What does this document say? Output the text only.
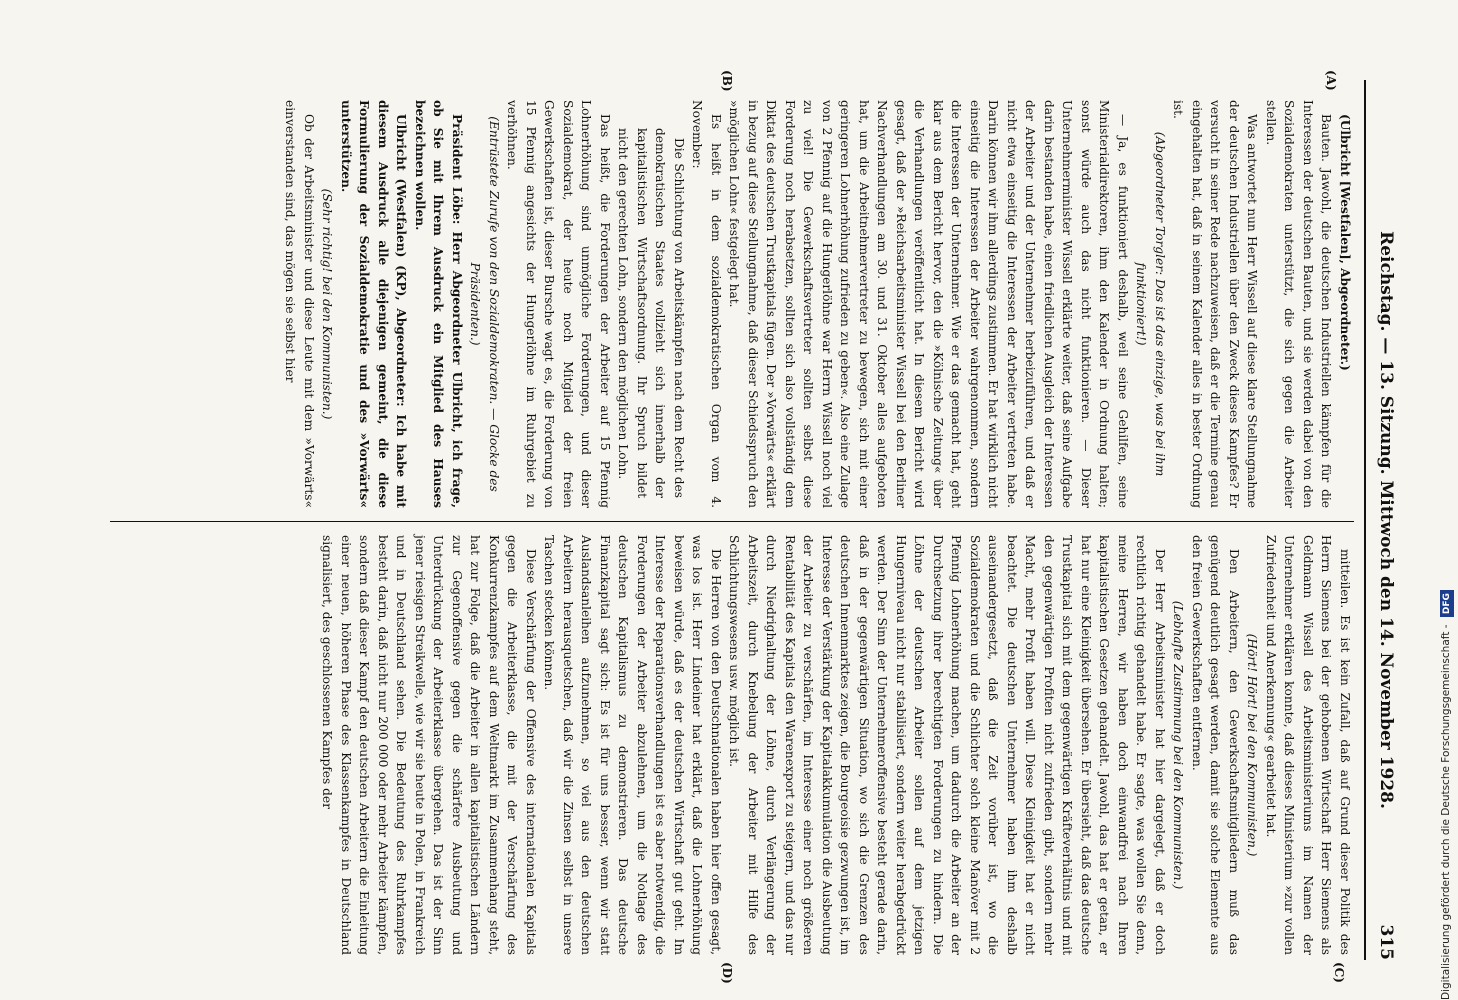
Reichstag. — 13. Sitzung. Mittwoch den 14. November 1928.
315
(A)
(B)
(C)
(D)

(Ulbricht [Westfalen], Abgeordneter.)

Bauten. Jawohl, die deutschen Industriellen kämpfen für die Interessen der deutschen Bauten, und sie werden dabei von den Sozialdemokraten unterstützt, die sich gegen die Arbeiter stellen.

Was antwortet nun Herr Wissell auf diese klare Stellungnahme der deutschen Industriellen über den Zweck dieses Kampfes? Er versucht in seiner Rede nachzuweisen, daß er die Termine genau eingehalten hat, daß in seinem Kalender alles in bester Ordnung ist.

(Abgeordneter Torgler: Das ist das einzige, was bei ihm funktioniert!)

— Ja, es funktioniert deshalb, weil seine Gehilfen, seine Ministerialdirektoren, ihm den Kalender in Ordnung halten; sonst würde auch das nicht funktionieren. — Dieser Unternehmerminister Wissell erklärte weiter, daß seine Aufgabe darin bestanden habe, einen friedlichen Ausgleich der Interessen der Arbeiter und der Unternehmer herbeizuführen, und daß er nicht etwa einseitig die Interessen der Arbeiter vertreten habe. Darin können wir ihm allerdings zustimmen. Er hat wirklich nicht einseitig die Interessen der Arbeiter wahrgenommen, sondern die Interessen der Unternehmer. Wie er das gemacht hat, geht klar aus dem Bericht hervor, den die »Kölnische Zeitung« über die Verhandlungen veröffentlicht hat. In diesem Bericht wird gesagt, daß der »Reichsarbeitsminister Wissell bei den Berliner Nachverhandlungen am 30. und 31. Oktober alles aufgeboten hat, um die Arbeitnehmervertreter zu bewegen, sich mit einer geringeren Lohnerhöhung zufrieden zu geben«. Also eine Zulage von 2 Pfennig auf die Hungerlöhne war Herrn Wissell noch viel zu viel! Die Gewerkschaftsvertreter sollten selbst diese Forderung noch herabsetzen, sollten sich also vollständig dem Diktat des deutschen Trustkapitals fügen. Der »Vorwärts« erklärt in bezug auf diese Stellungnahme, daß dieser Schiedsspruch den »möglichen Lohn« festgelegt hat.

Es heißt in dem sozialdemokratischen Organ vom 4. November:

Die Schlichtung von Arbeitskämpfen nach dem Recht des demokratischen Staates vollzieht sich innerhalb der kapitalistischen Wirtschaftsordnung. Ihr Spruch bildet nicht den gerechten Lohn, sondern den möglichen Lohn.

Das heißt, die Forderungen der Arbeiter auf 15 Pfennig Lohnerhöhung sind unmögliche Forderungen, und dieser Sozialdemokrat, der heute noch Mitglied der freien Gewerkschaften ist, dieser Bursche wagt es, die Forderung von 15 Pfennig angesichts der Hungerlöhne im Ruhrgebiet zu verhöhnen.

(Entrüstete Zurufe von den Sozialdemokraten. — Glocke des Präsidenten.)

Präsident Löbe: Herr Abgeordneter Ulbricht, ich frage, ob Sie mit Ihrem Ausdruck ein Mitglied des Hauses bezeichnen wollen.

Ulbricht (Westfalen) (KP), Abgeordneter: Ich habe mit diesem Ausdruck alle diejenigen gemeint, die diese Formulierung der Sozialdemokratie und des »Vorwärts« unterstützen.

(Sehr richtig! bei den Kommunisten.)

Ob der Arbeitsminister und diese Leute mit dem »Vorwärts« einverstanden sind, das mögen sie selbst hier

mitteilen. Es ist kein Zufall, daß auf Grund dieser Politik des Herrn Siemens bei der gehobenen Wirtschaft Herr Siemens als Geldmann Wissell des Arbeitsministeriums im Namen der Unternehmer erklären konnte, daß dieses Ministerium »zur vollen Zufriedenheit und Anerkennung« gearbeitet hat.

(Hört! Hört! bei den Kommunisten.)

Den Arbeitern, den Gewerkschaftsmitgliedern muß das genügend deutlich gesagt werden, damit sie solche Elemente aus den freien Gewerkschaften entfernen.

(Lebhafte Zustimmung bei den Kommunisten.)

Der Herr Arbeitsminister hat hier dargelegt, daß er doch rechtlich richtig gehandelt habe. Er sagte, was wollen Sie denn, meine Herren, wir haben doch einwandfrei nach Ihren kapitalistischen Gesetzen gehandelt. Jawohl, das hat er getan, er hat nur eine Kleinigkeit übersehen. Er übersieht, daß das deutsche Trustkapital sich mit dem gegenwärtigen Kräfteverhältnis und mit den gegenwärtigen Profiten nicht zufrieden gibt, sondern mehr Macht, mehr Profit haben will. Diese Kleinigkeit hat er nicht beachtet. Die deutschen Unternehmer haben ihm deshalb auseinandergesetzt, daß die Zeit vorüber ist, wo die Sozialdemokraten und die Schlichter solch kleine Manöver mit 2 Pfennig Lohnerhöhung machen, um dadurch die Arbeiter an der Durchsetzung ihrer berechtigten Forderungen zu hindern. Die Löhne der deutschen Arbeiter sollen auf dem jetzigen Hungerniveau nicht nur stabilisiert, sondern weiter herabgedrückt werden. Der Sinn der Unternehmeroffensive besteht gerade darin, daß in der gegenwärtigen Situation, wo sich die Grenzen des deutschen Innenmarktes zeigen, die Bourgeoisie gezwungen ist, im Interesse der Verstärkung der Kapitalakkumulation die Ausbeutung der Arbeiter zu verschärfen, im Interesse einer noch größeren Rentabilität des Kapitals den Warenexport zu steigern, und das nur durch Niedrighaltung der Löhne, durch Verlängerung der Arbeitszeit, durch Knebelung der Arbeiter mit Hilfe des Schlichtungswesens usw. möglich ist.

Die Herren von den Deutschnationalen haben hier offen gesagt, was los ist. Herr Lindeiner hat erklärt, daß die Lohnerhöhung beweisen würde, daß es der deutschen Wirtschaft gut geht. Im Interesse der Reparationsverhandlungen ist es aber notwendig, die Forderungen der Arbeiter abzulehnen, um die Notlage des deutschen Kapitalismus zu demonstrieren. Das deutsche Finanzkapital sagt sich: Es ist für uns besser, wenn wir statt Auslandsanleihen aufzunehmen, so viel aus den deutschen Arbeitern herausquetschen, daß wir die Zinsen selbst in unsere Taschen stecken können.

Diese Verschärfung der Offensive des internationalen Kapitals gegen die Arbeiterklasse, die mit der Verschärfung des Konkurrenzkampfes auf dem Weltmarkt im Zusammenhang steht, hat zur Folge, daß die Arbeiter in allen kapitalistischen Ländern zur Gegenoffensive gegen die schärfere Ausbeutung und Unterdrückung der Arbeiterklasse übergehen. Das ist der Sinn jener riesigen Streikwelle, wie wir sie heute in Polen, in Frankreich und in Deutschland sehen. Die Bedeutung des Ruhrkampfes besteht darin, daß nicht nur 200 000 oder mehr Arbeiter kämpfen, sondern daß dieser Kampf den deutschen Arbeitern die Einleitung einer neuen, höheren Phase des Klassenkampfes in Deutschland signalisiert, des geschlossenen Kampfes der	Digitalisierung gefördert durch die Deutsche Forschungsgemeinschaft - DFG
